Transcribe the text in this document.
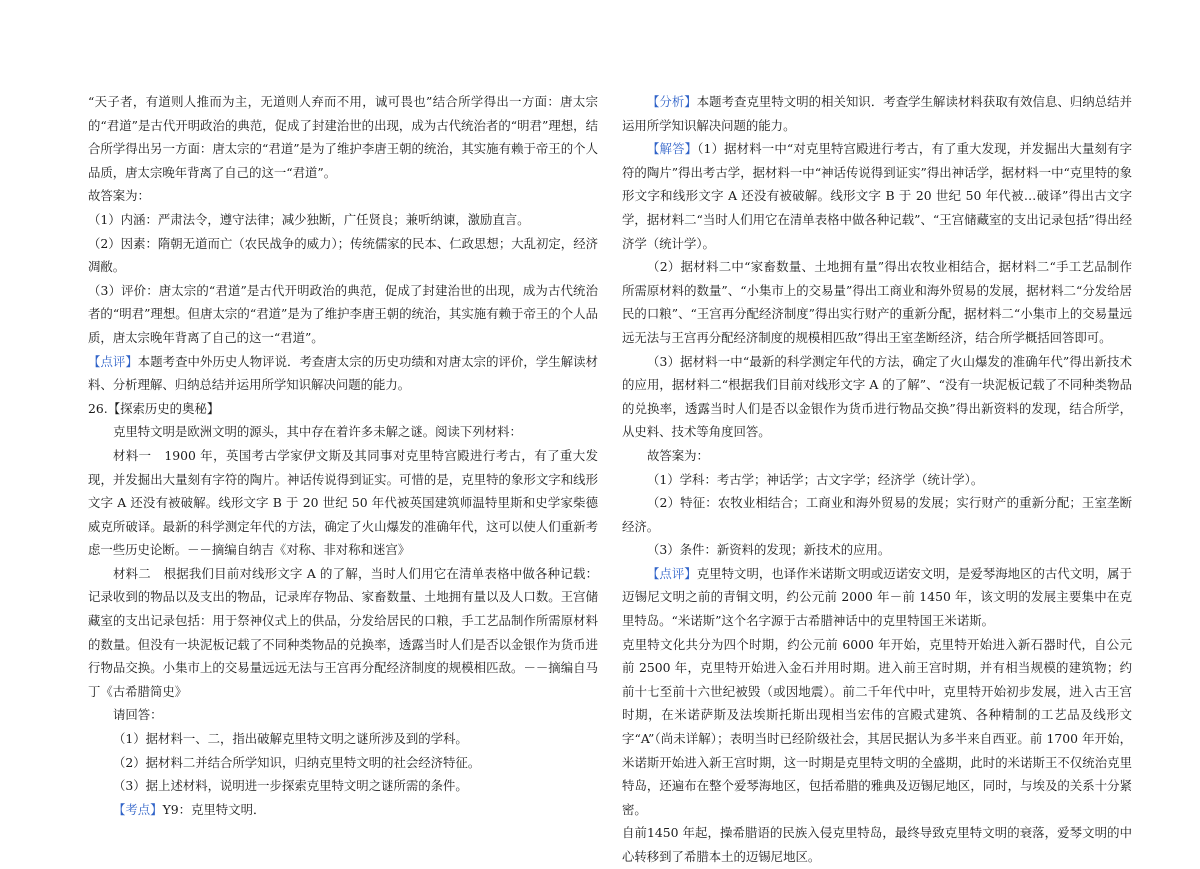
“天子者，有道则人推而为主，无道则人弃而不用，诚可畏也”结合所学得出一方面：唐太宗的“君道”是古代开明政治的典范，促成了封建治世的出现，成为古代统治者的“明君”理想，结合所学得出另一方面：唐太宗的“君道”是为了维护李唐王朝的统治，其实施有赖于帝王的个人品质，唐太宗晚年背离了自己的这一“君道”。

故答案为：

（1）内涵：严肃法令，遵守法律；减少独断，广任贤良；兼听纳谏，激励直言。

（2）因素：隋朝无道而亡（农民战争的威力）；传统儒家的民本、仁政思想；大乱初定，经济凋敝。

（3）评价：唐太宗的“君道”是古代开明政治的典范，促成了封建治世的出现，成为古代统治者的“明君”理想。但唐太宗的“君道”是为了维护李唐王朝的统治，其实施有赖于帝王的个人品质，唐太宗晚年背离了自己的这一“君道”。

【点评】本题考查中外历史人物评说．考查唐太宗的历史功绩和对唐太宗的评价，学生解读材料、分析理解、归纳总结并运用所学知识解决问题的能力。

26.【探索历史的奥秘】

克里特文明是欧洲文明的源头，其中存在着许多未解之谜。阅读下列材料：

材料一　1900 年，英国考古学家伊文斯及其同事对克里特宫殿进行考古，有了重大发现，并发掘出大量刻有字符的陶片。神话传说得到证实。可惜的是，克里特的象形文字和线形文字 A 还没有被破解。线形文字 B 于 20 世纪 50 年代被英国建筑师温特里斯和史学家柴德威克所破译。最新的科学测定年代的方法，确定了火山爆发的准确年代，这可以使人们重新考虑一些历史论断。－－摘编自纳吉《对称、非对称和迷宫》

材料二　根据我们目前对线形文字 A 的了解，当时人们用它在清单表格中做各种记载：记录收到的物品以及支出的物品，记录库存物品、家畜数量、土地拥有量以及人口数。王宫储藏室的支出记录包括：用于祭神仪式上的供品，分发给居民的口粮，手工艺品制作所需原材料的数量。但没有一块泥板记载了不同种类物品的兑换率，透露当时人们是否以金银作为货币进行物品交换。小集市上的交易量远远无法与王宫再分配经济制度的规模相匹敌。－－摘编自马丁《古希腊简史》

请回答：

（1）据材料一、二，指出破解克里特文明之谜所涉及到的学科。

（2）据材料二并结合所学知识，归纳克里特文明的社会经济特征。

（3）据上述材料，说明进一步探索克里特文明之谜所需的条件。

【考点】Y9：克里特文明．

【分析】本题考查克里特文明的相关知识．考查学生解读材料获取有效信息、归纳总结并运用所学知识解决问题的能力。

【解答】（1）据材料一中“对克里特宫殿进行考古，有了重大发现，并发掘出大量刻有字符的陶片”得出考古学，据材料一中“神话传说得到证实”得出神话学，据材料一中“克里特的象形文字和线形文字 A 还没有被破解。线形文字 B 于 20 世纪 50 年代被…破译”得出古文字学，据材料二“当时人们用它在清单表格中做各种记载”、“王宫储藏室的支出记录包括”得出经济学（统计学）。

（2）据材料二中“家畜数量、土地拥有量”得出农牧业相结合，据材料二“手工艺品制作所需原材料的数量”、“小集市上的交易量”得出工商业和海外贸易的发展，据材料二“分发给居民的口粮”、“王宫再分配经济制度”得出实行财产的重新分配，据材料二“小集市上的交易量远远无法与王宫再分配经济制度的规模相匹敌”得出王室垄断经济，结合所学概括回答即可。

（3）据材料一中“最新的科学测定年代的方法，确定了火山爆发的准确年代”得出新技术的应用，据材料二“根据我们目前对线形文字 A 的了解”、“没有一块泥板记载了不同种类物品的兑换率，透露当时人们是否以金银作为货币进行物品交换”得出新资料的发现，结合所学，从史料、技术等角度回答。

故答案为：

（1）学科：考古学；神话学；古文字学；经济学（统计学）。

（2）特征：农牧业相结合；工商业和海外贸易的发展；实行财产的重新分配；王室垄断经济。

（3）条件：新资料的发现；新技术的应用。

【点评】克里特文明，也译作米诺斯文明或迈诺安文明，是爱琴海地区的古代文明，属于迈锡尼文明之前的青铜文明，约公元前 2000 年－前 1450 年，该文明的发展主要集中在克里特岛。“米诺斯”这个名字源于古希腊神话中的克里特国王米诺斯。

克里特文化共分为四个时期，约公元前 6000 年开始，克里特开始进入新石器时代，自公元前 2500 年，克里特开始进入金石并用时期。进入前王宫时期，并有相当规模的建筑物；约前十七至前十六世纪被毁（或因地震）。前二千年代中叶，克里特开始初步发展，进入古王宫时期，在米诺萨斯及法埃斯托斯出现相当宏伟的宫殿式建筑、各种精制的工艺品及线形文字“A”（尚未详解）；表明当时已经阶级社会，其居民据认为多半来自西亚。前 1700 年开始，米诺斯开始进入新王宫时期，这一时期是克里特文明的全盛期，此时的米诺斯王不仅统治克里特岛，还遍布在整个爱琴海地区，包括希腊的雅典及迈锡尼地区，同时，与埃及的关系十分紧密。

自前1450 年起，操希腊语的民族入侵克里特岛，最终导致克里特文明的衰落，爱琴文明的中心转移到了希腊本土的迈锡尼地区。
